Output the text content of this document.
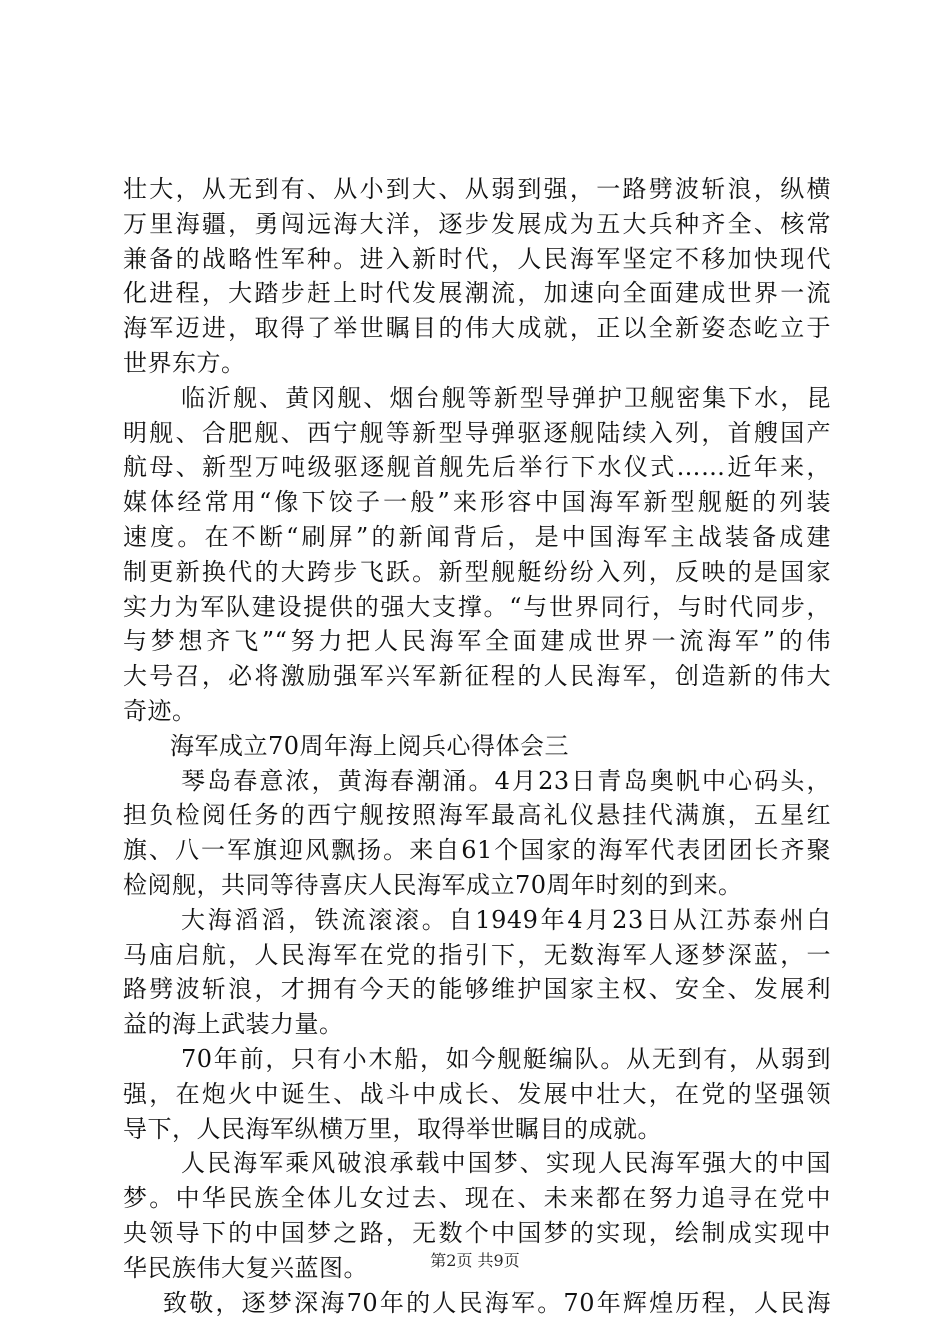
壮大，从无到有、从小到大、从弱到强，一路劈波斩浪，纵横
万里海疆，勇闯远海大洋，逐步发展成为五大兵种齐全、核常
兼备的战略性军种。进入新时代，人民海军坚定不移加快现代
化进程，大踏步赶上时代发展潮流，加速向全面建成世界一流
海军迈进，取得了举世瞩目的伟大成就，正以全新姿态屹立于
世界东方。
临沂舰、黄冈舰、烟台舰等新型导弹护卫舰密集下水，昆
明舰、合肥舰、西宁舰等新型导弹驱逐舰陆续入列，首艘国产
航母、新型万吨级驱逐舰首舰先后举行下水仪式……近年来，
媒体经常用“像下饺子一般”来形容中国海军新型舰艇的列装
速度。在不断“刷屏”的新闻背后，是中国海军主战装备成建
制更新换代的大跨步飞跃。新型舰艇纷纷入列，反映的是国家
实力为军队建设提供的强大支撑。“与世界同行，与时代同步，
与梦想齐飞”“努力把人民海军全面建成世界一流海军”的伟
大号召，必将激励强军兴军新征程的人民海军，创造新的伟大
奇迹。
海军成立70周年海上阅兵心得体会三
琴岛春意浓，黄海春潮涌。4月23日青岛奥帆中心码头，
担负检阅任务的西宁舰按照海军最高礼仪悬挂代满旗，五星红
旗、八一军旗迎风飘扬。来自61个国家的海军代表团团长齐聚
检阅舰，共同等待喜庆人民海军成立70周年时刻的到来。
大海滔滔，铁流滚滚。自1949年4月23日从江苏泰州白
马庙启航，人民海军在党的指引下，无数海军人逐梦深蓝，一
路劈波斩浪，才拥有今天的能够维护国家主权、安全、发展利
益的海上武装力量。
70年前，只有小木船，如今舰艇编队。从无到有，从弱到
强，在炮火中诞生、战斗中成长、发展中壮大，在党的坚强领
导下，人民海军纵横万里，取得举世瞩目的成就。
人民海军乘风破浪承载中国梦、实现人民海军强大的中国
梦。中华民族全体儿女过去、现在、未来都在努力追寻在党中
央领导下的中国梦之路，无数个中国梦的实现，绘制成实现中
华民族伟大复兴蓝图。
致敬，逐梦深海70年的人民海军。70年辉煌历程，人民海
第2页 共9页
